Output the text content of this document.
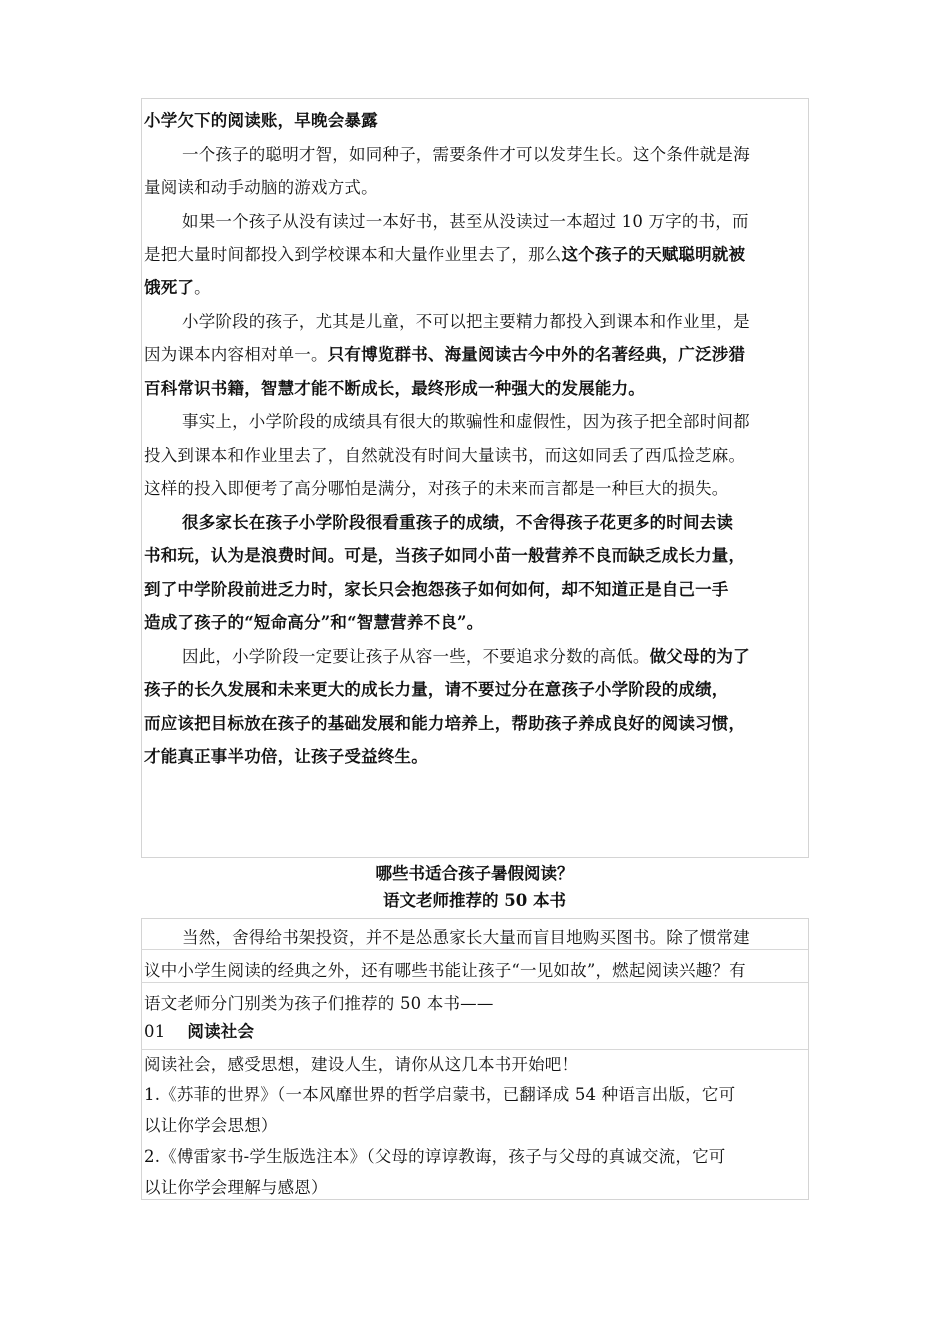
小学欠下的阅读账，早晚会暴露
一个孩子的聪明才智，如同种子，需要条件才可以发芽生长。这个条件就是海
量阅读和动手动脑的游戏方式。
如果一个孩子从没有读过一本好书，甚至从没读过一本超过 10 万字的书，而
是把大量时间都投入到学校课本和大量作业里去了，那么这个孩子的天赋聪明就被
饿死了。
小学阶段的孩子，尤其是儿童，不可以把主要精力都投入到课本和作业里，是
因为课本内容相对单一。只有博览群书、海量阅读古今中外的名著经典，广泛涉猎
百科常识书籍，智慧才能不断成长，最终形成一种强大的发展能力。
事实上，小学阶段的成绩具有很大的欺骗性和虚假性，因为孩子把全部时间都
投入到课本和作业里去了，自然就没有时间大量读书，而这如同丢了西瓜捡芝麻。
这样的投入即便考了高分哪怕是满分，对孩子的未来而言都是一种巨大的损失。
很多家长在孩子小学阶段很看重孩子的成绩，不舍得孩子花更多的时间去读
书和玩，认为是浪费时间。可是，当孩子如同小苗一般营养不良而缺乏成长力量，
到了中学阶段前进乏力时，家长只会抱怨孩子如何如何，却不知道正是自己一手
造成了孩子的“短命高分”和“智慧营养不良”。
因此，小学阶段一定要让孩子从容一些，不要追求分数的高低。做父母的为了
孩子的长久发展和未来更大的成长力量，请不要过分在意孩子小学阶段的成绩，
而应该把目标放在孩子的基础发展和能力培养上，帮助孩子养成良好的阅读习惯，
才能真正事半功倍，让孩子受益终生。
哪些书适合孩子暑假阅读？
语文老师推荐的 50 本书
当然，舍得给书架投资，并不是怂恿家长大量而盲目地购买图书。除了惯常建
议中小学生阅读的经典之外，还有哪些书能让孩子“一见如故”，燃起阅读兴趣？有
语文老师分门别类为孩子们推荐的 50 本书——
01 阅读社会
阅读社会，感受思想，建设人生，请你从这几本书开始吧！
1.《苏菲的世界》（一本风靡世界的哲学启蒙书，已翻译成 54 种语言出版，它可
以让你学会思想）
2.《傅雷家书-学生版选注本》（父母的谆谆教诲，孩子与父母的真诚交流，它可
以让你学会理解与感恩）
